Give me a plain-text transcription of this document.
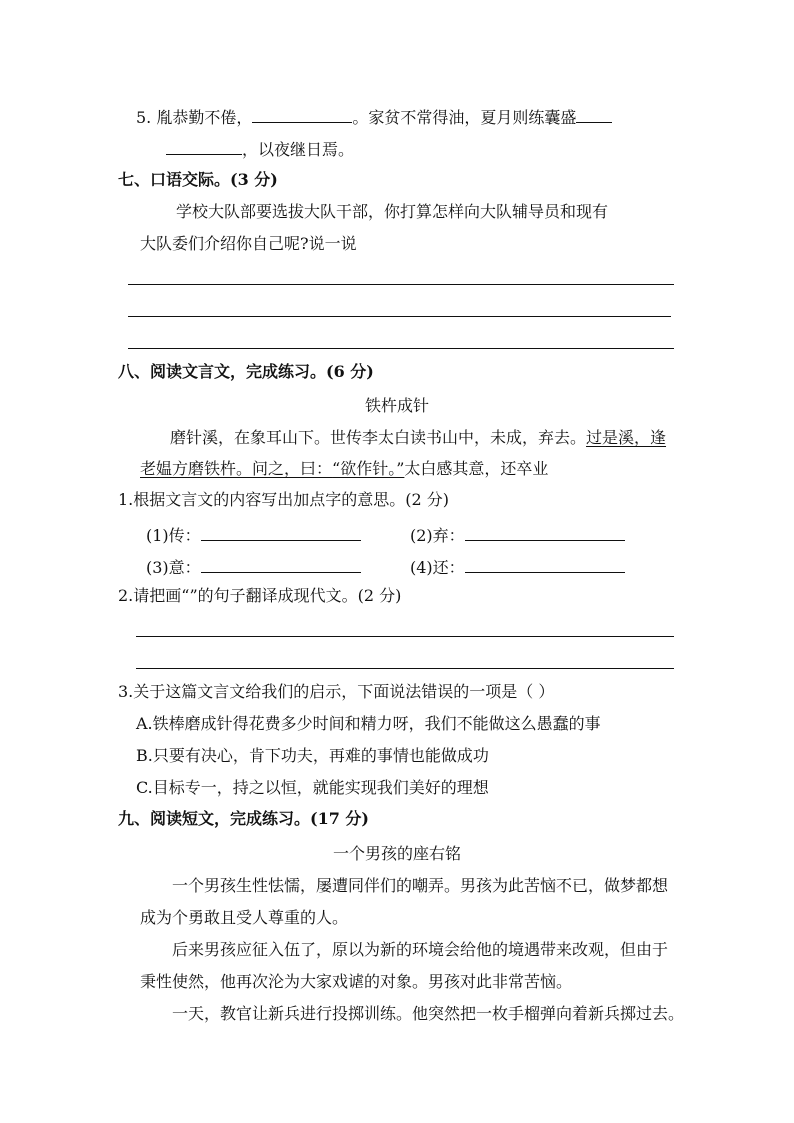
5. 胤恭勤不倦，	。家贫不常得油，夏月则练囊盛
，以夜继日焉。
七、口语交际。(3 分)
学校大队部要选拔大队干部，你打算怎样向大队辅导员和现有
大队委们介绍你自己呢?说一说
八、阅读文言文，完成练习。(6 分)
铁杵成针
磨针溪，在象耳山下。世传李太白读书山中，未成，弃去。过是溪，逢
老媪方磨铁杵。问之，曰：“欲作针。”太白感其意，还卒业
1.根据文言文的内容写出加点字的意思。(2 分)
(1)传：	(2)弃：
(3)意：	(4)还：
2.请把画“”的句子翻译成现代文。(2 分)
3.关于这篇文言文给我们的启示，下面说法错误的一项是（ ）
A.铁棒磨成针得花费多少时间和精力呀，我们不能做这么愚蠢的事
B.只要有决心，肯下功夫，再难的事情也能做成功
C.目标专一，持之以恒，就能实现我们美好的理想
九、阅读短文，完成练习。(17 分)
一个男孩的座右铭
一个男孩生性怯懦，屡遭同伴们的嘲弄。男孩为此苦恼不已，做梦都想
成为个勇敢且受人尊重的人。
后来男孩应征入伍了，原以为新的环境会给他的境遇带来改观，但由于
秉性使然，他再次沦为大家戏谑的对象。男孩对此非常苦恼。
一天，教官让新兵进行投掷训练。他突然把一枚手榴弹向着新兵掷过去。
